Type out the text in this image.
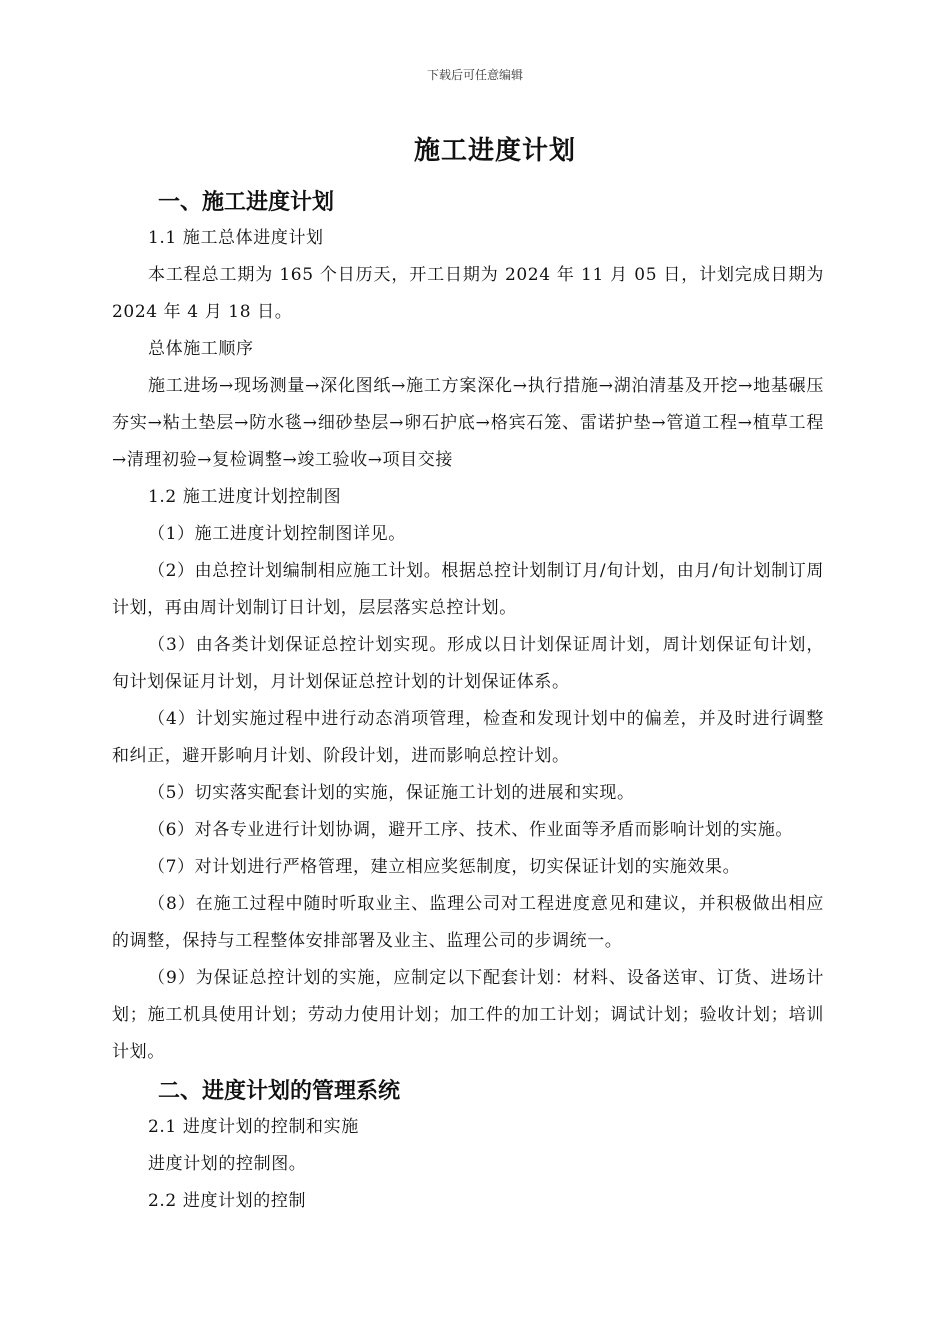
下载后可任意编辑
施工进度计划
一、施工进度计划
1.1 施工总体进度计划
本工程总工期为 165 个日历天，开工日期为 2024 年 11 月 05 日，计划完成日期为 2024 年 4 月 18 日。
总体施工顺序
施工进场→现场测量→深化图纸→施工方案深化→执行措施→湖泊清基及开挖→地基碾压夯实→粘土垫层→防水毯→细砂垫层→卵石护底→格宾石笼、雷诺护垫→管道工程→植草工程→清理初验→复检调整→竣工验收→项目交接
1.2 施工进度计划控制图
（1）施工进度计划控制图详见。
（2）由总控计划编制相应施工计划。根据总控计划制订月/旬计划，由月/旬计划制订周计划，再由周计划制订日计划，层层落实总控计划。
（3）由各类计划保证总控计划实现。形成以日计划保证周计划，周计划保证旬计划，旬计划保证月计划，月计划保证总控计划的计划保证体系。
（4）计划实施过程中进行动态消项管理，检查和发现计划中的偏差，并及时进行调整和纠正，避开影响月计划、阶段计划，进而影响总控计划。
（5）切实落实配套计划的实施，保证施工计划的进展和实现。
（6）对各专业进行计划协调，避开工序、技术、作业面等矛盾而影响计划的实施。
（7）对计划进行严格管理，建立相应奖惩制度，切实保证计划的实施效果。
（8）在施工过程中随时听取业主、监理公司对工程进度意见和建议，并积极做出相应的调整，保持与工程整体安排部署及业主、监理公司的步调统一。
（9）为保证总控计划的实施，应制定以下配套计划：材料、设备送审、订货、进场计划；施工机具使用计划；劳动力使用计划；加工件的加工计划；调试计划；验收计划；培训计划。
二、进度计划的管理系统
2.1 进度计划的控制和实施
进度计划的控制图。
2.2 进度计划的控制
